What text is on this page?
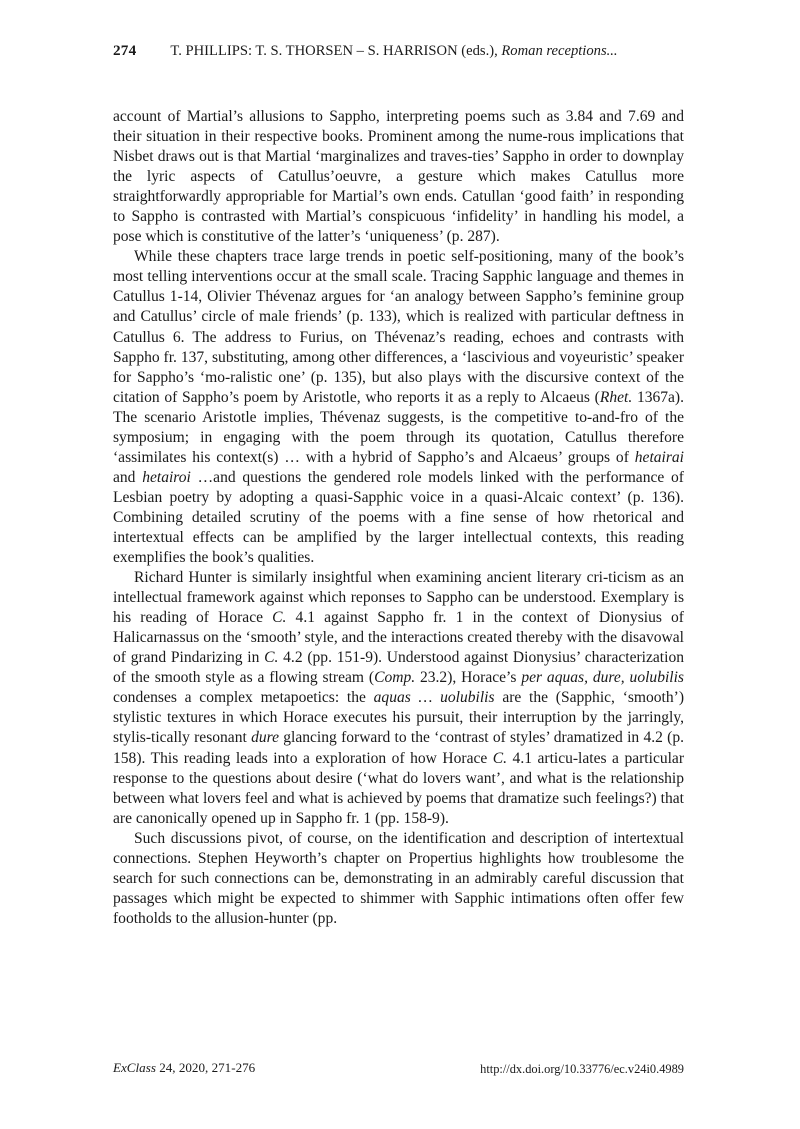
274 T. PHILLIPS: T. S. THORSEN – S. HARRISON (eds.), Roman receptions...

account of Martial’s allusions to Sappho, interpreting poems such as 3.84 and 7.69 and their situation in their respective books. Prominent among the nume-rous implications that Nisbet draws out is that Martial ‘marginalizes and traves-ties’ Sappho in order to downplay the lyric aspects of Catullus’oeuvre, a gesture which makes Catullus more straightforwardly appropriable for Martial’s own ends. Catullan ‘good faith’ in responding to Sappho is contrasted with Martial’s conspicuous ‘infidelity’ in handling his model, a pose which is constitutive of the latter’s ‘uniqueness’ (p. 287).

While these chapters trace large trends in poetic self-positioning, many of the book’s most telling interventions occur at the small scale. Tracing Sapphic language and themes in Catullus 1-14, Olivier Thévenaz argues for ‘an analogy between Sappho’s feminine group and Catullus’ circle of male friends’ (p. 133), which is realized with particular deftness in Catullus 6. The address to Furius, on Thévenaz’s reading, echoes and contrasts with Sappho fr. 137, substituting, among other differences, a ‘lascivious and voyeuristic’ speaker for Sappho’s ‘mo-ralistic one’ (p. 135), but also plays with the discursive context of the citation of Sappho’s poem by Aristotle, who reports it as a reply to Alcaeus (Rhet. 1367a). The scenario Aristotle implies, Thévenaz suggests, is the competitive to-and-fro of the symposium; in engaging with the poem through its quotation, Catullus therefore ‘assimilates his context(s) … with a hybrid of Sappho’s and Alcaeus’ groups of hetairai and hetairoi …and questions the gendered role models linked with the performance of Lesbian poetry by adopting a quasi-Sapphic voice in a quasi-Alcaic context’ (p. 136). Combining detailed scrutiny of the poems with a fine sense of how rhetorical and intertextual effects can be amplified by the larger intellectual contexts, this reading exemplifies the book’s qualities.

Richard Hunter is similarly insightful when examining ancient literary cri-ticism as an intellectual framework against which reponses to Sappho can be understood. Exemplary is his reading of Horace C. 4.1 against Sappho fr. 1 in the context of Dionysius of Halicarnassus on the ‘smooth’ style, and the interactions created thereby with the disavowal of grand Pindarizing in C. 4.2 (pp. 151-9). Understood against Dionysius’ characterization of the smooth style as a flowing stream (Comp. 23.2), Horace’s per aquas, dure, uolubilis condenses a complex metapoetics: the aquas … uolubilis are the (Sapphic, ‘smooth’) stylistic textures in which Horace executes his pursuit, their interruption by the jarringly, stylis-tically resonant dure glancing forward to the ‘contrast of styles’ dramatized in 4.2 (p. 158). This reading leads into a exploration of how Horace C. 4.1 articu-lates a particular response to the questions about desire (‘what do lovers want’, and what is the relationship between what lovers feel and what is achieved by poems that dramatize such feelings?) that are canonically opened up in Sappho fr. 1 (pp. 158-9).

Such discussions pivot, of course, on the identification and description of intertextual connections. Stephen Heyworth’s chapter on Propertius highlights how troublesome the search for such connections can be, demonstrating in an admirably careful discussion that passages which might be expected to shimmer with Sapphic intimations often offer few footholds to the allusion-hunter (pp.

ExClass 24, 2020, 271-276	http://dx.doi.org/10.33776/ec.v24i0.4989
